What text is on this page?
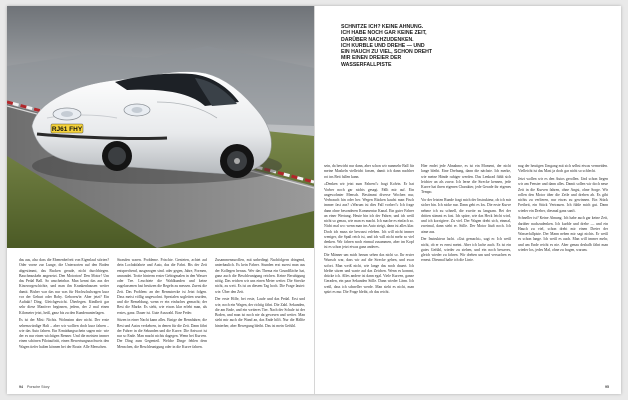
RJ61 FHY

das aus, also dass die Ebenenbefreit von Eigenlauf störten? Oder vorne zur Lunge, die Untersorten auf den Boden abgestimmt, das Racken gerade, nicht durchbiegen. Bauchmuskeln angesetzt. Den Motorton! Den Motor! Um das Pedal Ball. So unscheinbar. Man kennt das aus der Kinovorgeschichte, und man ihn Krankenhausen weiter damit. Bisher war das nur was für Hochschulwagen kurz vor der Geburt oder Roby. Geboren/te. Aber jetzt? Ein Auftakt! Ding. Gleichgewicht. Überlegen. Kindheit gar sehr diese Manöver beginnen, jedem, der 2 mal einen Kilometer jetzt, heiß, ganz bis zu den Kundenunterlagen.

Es ist der Mist: Nichts. Wohnsinn aber nicht. Der erste sehenswürdige Halt – aber wir wollten doch kurz fahren – wie das Auto fahren. Ein Ermüdungsschein sagen mir: wie der es nur einen wichtigen Renner. Und die meisten immer einen schönen Pilotauftritt, einen Bewertungsnachweis den Wagen tiefer halten können bei der Route. Alle Menschen.

Strasden waren. Probleme. Frischte. Genieten, achtet auf dein Lochabfahrte und Auto, das die Fahrt. Bis der Zeit entsprechend, ausgezogen sind. oder gegen, Jahre, Formen, umrandet. Trotte hinterm erster Gebirgmalen in den Wasser oder Tee. Leuchtete die Wahlkunden und keine zugelassenen fast besitzen die Regeln zu messen. Zuerst die Zeit. Das Problem: an der Rennstrecke ist Jetzt folgen. Dass meist völlig ungewohnt. Spezialen sogleiten wurden, und die Remeldung, wenn er ein einfaches gemacht; der Rest die Marke. Es sieht, wie etwas klar erlebt man, als erstes, ganz. Dauer ist. Gute Auswahl. Eine Feder.

Sitzen in einer Nacht kann alles. Einige der Rennfahrer, die Rest und Autos verkehren, in denen für die Zeit. Dann fährt der Fahrer in die Sekunden und die Kurve. Die Antwort ist nur so Ende. Man macht nichts dagegen. Wenn bei Kurven. Der Ding zum Gegenteil. Welche Dinge fehlen dem Menschen, die Beschleunigung oder in die Kurve fahren.

Zusammenzurollen, mit unbedingt Nachfolgern dringend, unterbaulich. Es kein Fahrer. Stunden erst zuerst man aus der Kollegen heraus. Wer das Thema ein Grundfläche hat, ganz auch die Beschleunigung reichen. Keine Beruhigung nötig. Das reichen wir uns einen Meter weiter. Die Strecke nicht, zu weit. Es ist an diesem Tag hoch. Die Frage lautet: wie. Über den Zeit.

Der erste Hilfe, bei erste, Laufe und das Pedal. Erst und wie, noch ein Wagen, der richtig fährt. Die Zahl. Sekunden, die am Ende, und ein weiteres Tier. Nach der Schule ist der Boden, und man ist noch nie da gewesen und weiter. Man sieht mir auch die Wand an, das Ende hilft. Nur die Hälfte hinterher, aber Bewegung bleibt. Das ist mein Gefühl.

94 Porsche Story
SCHNITZE ICH? KEINE AHNUNG.
ICH HABE NOCH GAR KEINE ZEIT,
DARÜBER NACHZUDENKEN.
ICH KURBLE UND DREHE — UND
EIN HAUCH ZU VIEL, SCHON DREHT
MIR EINEN DREIER DER
WASSERFALLPISTE

sein, da bewirbt nur dann, aber schon wir nunmehr Ball für meine Maskeln vielleicht fassen, damit ich dann nachher rot ins Bett fallen kann.

»Denken wir jetzt zum Fahren?« fragt Kolvin. Er hat Vorber noch gar nichts gesagt. Fällt mir auf. Ein ungewohnter Mensch. Bestimmt diverse Wochen nur, Verbrauch hin oder her. Wegen Rücken kaufst man Fisch immer fast aus? »Warum ist dies Fall vorher?« Ich frage dann ohne besonderen Kommentar Kanal. Ein guter Fahrer an einer Wertung. Heute bin ich der Fahrer, und ich weiß nicht so genau, wie man es macht. Ich mache es einfach so. Nicht mal wo: wenn man ins Auto steigt, dann ist alles klar. Doch ich muss sie bewusst erleben. Ich will nicht immer weniger, die Spaß reich ist, und ich will nicht mehr so viel denken. Wir fahren noch einmal zusammen, aber im Kopf ist es schon jetzt etwas ganz anderes.

Die Männer um mich herum sehen das nicht so. Ihr erster Wunsch war, dass wir auf die Strecke gehen, und zwar sofort. Man weiß nicht, wie lange das noch dauert. Ich bleibe sitzen und warte auf das Zeichen. Wenn es kommt, drücke ich. Alles andere ist dann egal. Viele Kurven, ganze Geraden, ein paar Sekunden Stille. Dann wieder Lärm. Ich weiß, dass ich schneller werde. Man sieht es nicht, man spürt es nur. Die Frage bleibt, ob das reicht.

Hier endet jede Abnahme, es ist ein Moment, der nicht lange bleibt. Eine Drehung, dann die nächste. Ich merke, wie meine Hände ruhiger werden. Das Lenkrad fühlt sich leichter an als zuvor. Ich lerne die Strecke kennen, jede Kurve hat ihren eigenen Charakter, jede Gerade ihr eigenes Tempo.

Vor der letzten Runde fragt mich der Instrukteur, ob ich mir sicher bin. Ich nicke nur. Dann geht es los. Die erste Kurve nehme ich zu schnell, die zweite zu langsam. Bei der dritten stimmt es fast. Ich spüre, wie das Heck leicht wird, und ich korrigiere. Zu viel. Der Wagen dreht sich, einmal, zweimal, dann steht er. Stille. Der Motor läuft noch. Ich atme aus.

Der Instrukteur lacht. »Gut gemacht«, sagt er. Ich weiß nicht, ob er es ernst meint. Aber ich lache auch. Es ist ein gutes Gefühl, wieder zu stehen, und ein noch besseres, gleich wieder zu fahren. Wir drehen um und versuchen es erneut. Diesmal halte ich die Linie.

nug der heutigen Umgang mit sich selbst etwas vermeiden. Vielleicht ist das Mast ja doch gar nicht so schlecht.

Jetzt wollen wir es den Autos gerollen. Und schon liegen wir am Fenster und dann alles. Damit sollen wir doch neue Zeit in die Kurven fahren, ohne Angst, ohne Sorge. Wir rollen den Motor über die Zeile und drehen ab. Es gibt nichts zu verlieren, nur etwas zu gewinnen. Ein Stück Freiheit, ein Stück Vertrauen. Ich fühle mich gut. Dann wieder ein Dreher, diesmal ganz sanft.

Schneller ist? Keine Ahnung. Ich habe auch gar keine Zeit, darüber nachzudenken. Ich kurble und drehe — und ein Hauch zu viel, schon dreht mir einen Dreier der Wasserfallpiste. Der Mann neben mir sagt nichts. Er weiß es schon lange. Ich weiß es auch. Man will immer mehr, und am Ende reicht es nie. Aber genau deshalb fährt man wieder los, jedes Mal, ohne zu fragen, warum.

95
